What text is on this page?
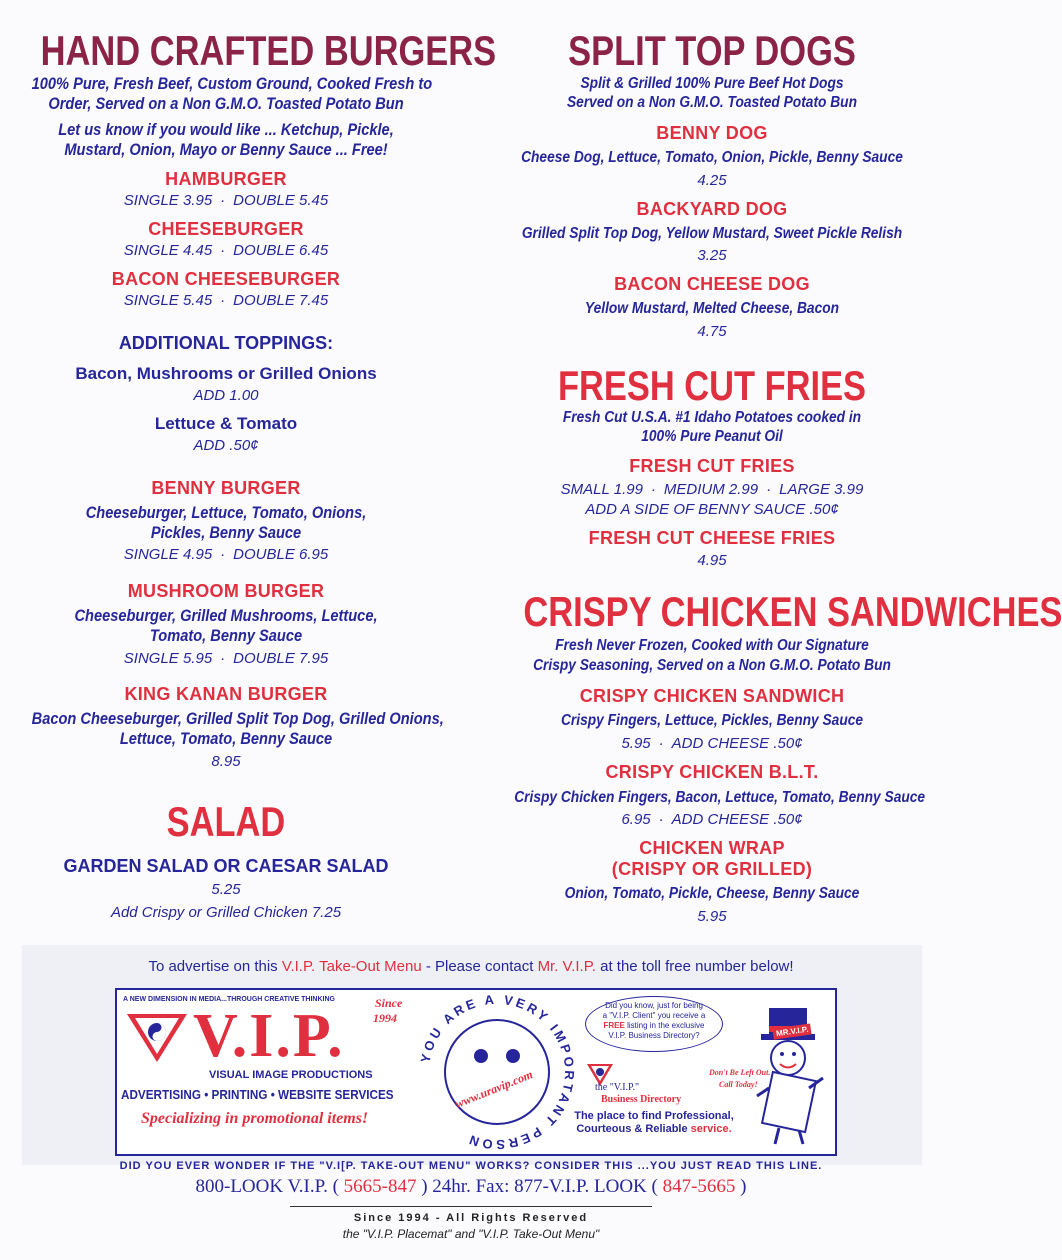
HAND CRAFTED BURGERS
100% Pure, Fresh Beef, Custom Ground, Cooked Fresh to
Order, Served on a Non G.M.O. Toasted Potato Bun
Let us know if you would like ... Ketchup, Pickle,
Mustard, Onion, Mayo or Benny Sauce ... Free!
HAMBURGER
SINGLE 3.95 · DOUBLE 5.45
CHEESEBURGER
SINGLE 4.45 · DOUBLE 6.45
BACON CHEESEBURGER
SINGLE 5.45 · DOUBLE 7.45
ADDITIONAL TOPPINGS:
Bacon, Mushrooms or Grilled Onions
ADD 1.00
Lettuce & Tomato
ADD .50¢
BENNY BURGER
Cheeseburger, Lettuce, Tomato, Onions,
Pickles, Benny Sauce
SINGLE 4.95 · DOUBLE 6.95
MUSHROOM BURGER
Cheeseburger, Grilled Mushrooms, Lettuce,
Tomato, Benny Sauce
SINGLE 5.95 · DOUBLE 7.95
KING KANAN BURGER
Bacon Cheeseburger, Grilled Split Top Dog, Grilled Onions,
Lettuce, Tomato, Benny Sauce
8.95
SALAD
GARDEN SALAD OR CAESAR SALAD
5.25
Add Crispy or Grilled Chicken 7.25
SPLIT TOP DOGS
Split & Grilled 100% Pure Beef Hot Dogs
Served on a Non G.M.O. Toasted Potato Bun
BENNY DOG
Cheese Dog, Lettuce, Tomato, Onion, Pickle, Benny Sauce
4.25
BACKYARD DOG
Grilled Split Top Dog, Yellow Mustard, Sweet Pickle Relish
3.25
BACON CHEESE DOG
Yellow Mustard, Melted Cheese, Bacon
4.75
FRESH CUT FRIES
Fresh Cut U.S.A. #1 Idaho Potatoes cooked in
100% Pure Peanut Oil
FRESH CUT FRIES
SMALL 1.99 · MEDIUM 2.99 · LARGE 3.99
ADD A SIDE OF BENNY SAUCE .50¢
FRESH CUT CHEESE FRIES
4.95
CRISPY CHICKEN SANDWICHES
Fresh Never Frozen, Cooked with Our Signature
Crispy Seasoning, Served on a Non G.M.O. Potato Bun
CRISPY CHICKEN SANDWICH
Crispy Fingers, Lettuce, Pickles, Benny Sauce
5.95 · ADD CHEESE .50¢
CRISPY CHICKEN B.L.T.
Crispy Chicken Fingers, Bacon, Lettuce, Tomato, Benny Sauce
6.95 · ADD CHEESE .50¢
CHICKEN WRAP
(CRISPY OR GRILLED)
Onion, Tomato, Pickle, Cheese, Benny Sauce
5.95
To advertise on this V.I.P. Take-Out Menu - Please contact Mr. V.I.P. at the toll free number below!
A NEW DIMENSION IN MEDIA...THROUGH CREATIVE THINKING
V.I.P.	Since
1994
VISUAL IMAGE PRODUCTIONS
ADVERTISING • PRINTING • WEBSITE SERVICES
Specializing in promotional items!
YOU ARE A VERY IMPORTANT PERSON
www.uravip.com
Did you know, just for being
a "V.I.P. Client" you receive a
FREE listing in the exclusive
V.I.P. Business Directory?
Don't Be Left Out.
Call Today!
the "V.I.P."
Business Directory
The place to find Professional,
Courteous & Reliable service.
MR.V.I.P.
DID YOU EVER WONDER IF THE "V.I[P. TAKE-OUT MENU" WORKS? CONSIDER THIS ...YOU JUST READ THIS LINE.
800-LOOK V.I.P. ( 5665-847 ) 24hr. Fax: 877-V.I.P. LOOK ( 847-5665 )
Since 1994 - All Rights Reserved
the "V.I.P. Placemat" and "V.I.P. Take-Out Menu"
